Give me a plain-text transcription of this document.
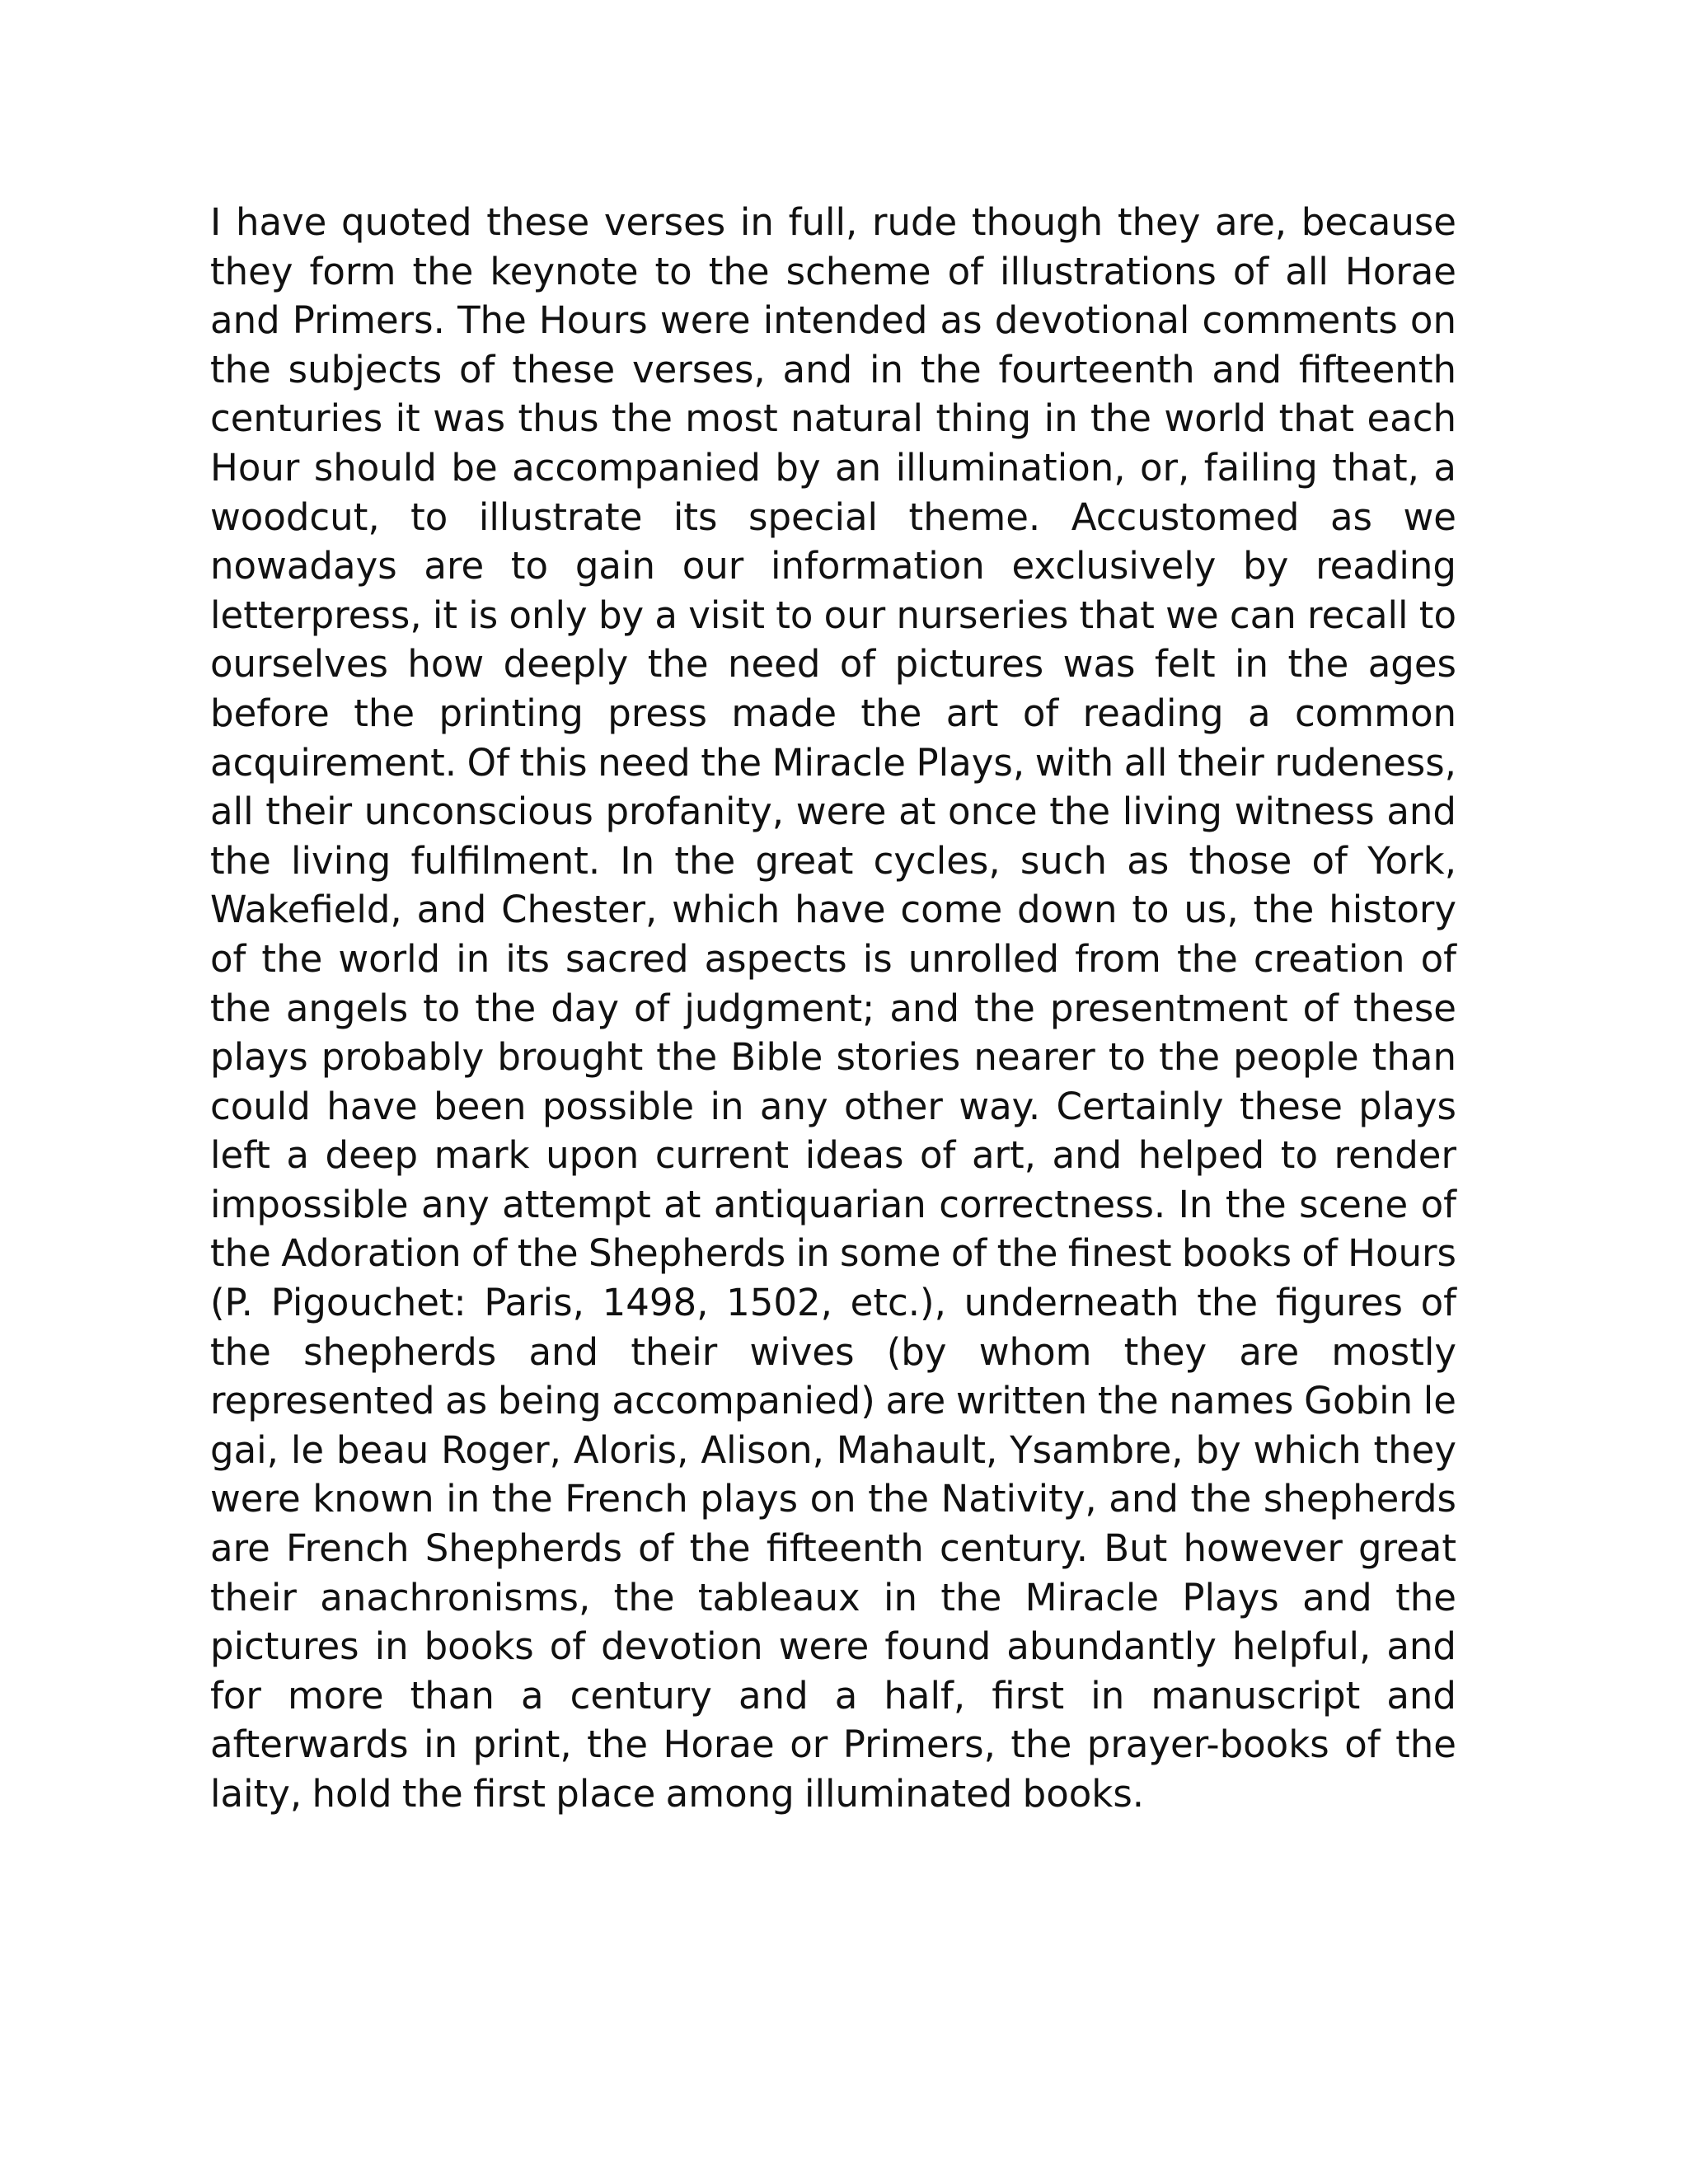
I have quoted these verses in full, rude though they are, because they form the keynote to the scheme of illustrations of all Horae and Primers. The Hours were intended as devotional comments on the subjects of these verses, and in the fourteenth and fifteenth centuries it was thus the most natural thing in the world that each Hour should be accompanied by an illumination, or, failing that, a woodcut, to illustrate its special theme. Accustomed as we nowadays are to gain our information exclusively by reading letterpress, it is only by a visit to our nurseries that we can recall to ourselves how deeply the need of pictures was felt in the ages before the printing press made the art of reading a common acquirement. Of this need the Miracle Plays, with all their rudeness, all their unconscious profanity, were at once the living witness and the living fulfilment. In the great cycles, such as those of York, Wakefield, and Chester, which have come down to us, the history of the world in its sacred aspects is unrolled from the creation of the angels to the day of judgment; and the presentment of these plays probably brought the Bible stories nearer to the people than could have been possible in any other way. Certainly these plays left a deep mark upon current ideas of art, and helped to render impossible any attempt at antiquarian correctness. In the scene of the Adoration of the Shepherds in some of the finest books of Hours (P. Pigouchet: Paris, 1498, 1502, etc.), underneath the figures of the shepherds and their wives (by whom they are mostly represented as being accompanied) are written the names Gobin le gai, le beau Roger, Aloris, Alison, Mahault, Ysambre, by which they were known in the French plays on the Nativity, and the shepherds are French Shepherds of the fifteenth century. But however great their anachronisms, the tableaux in the Miracle Plays and the pictures in books of devotion were found abundantly helpful, and for more than a century and a half, first in manuscript and afterwards in print, the Horae or Primers, the prayer-books of the laity, hold the first place among illuminated books.
